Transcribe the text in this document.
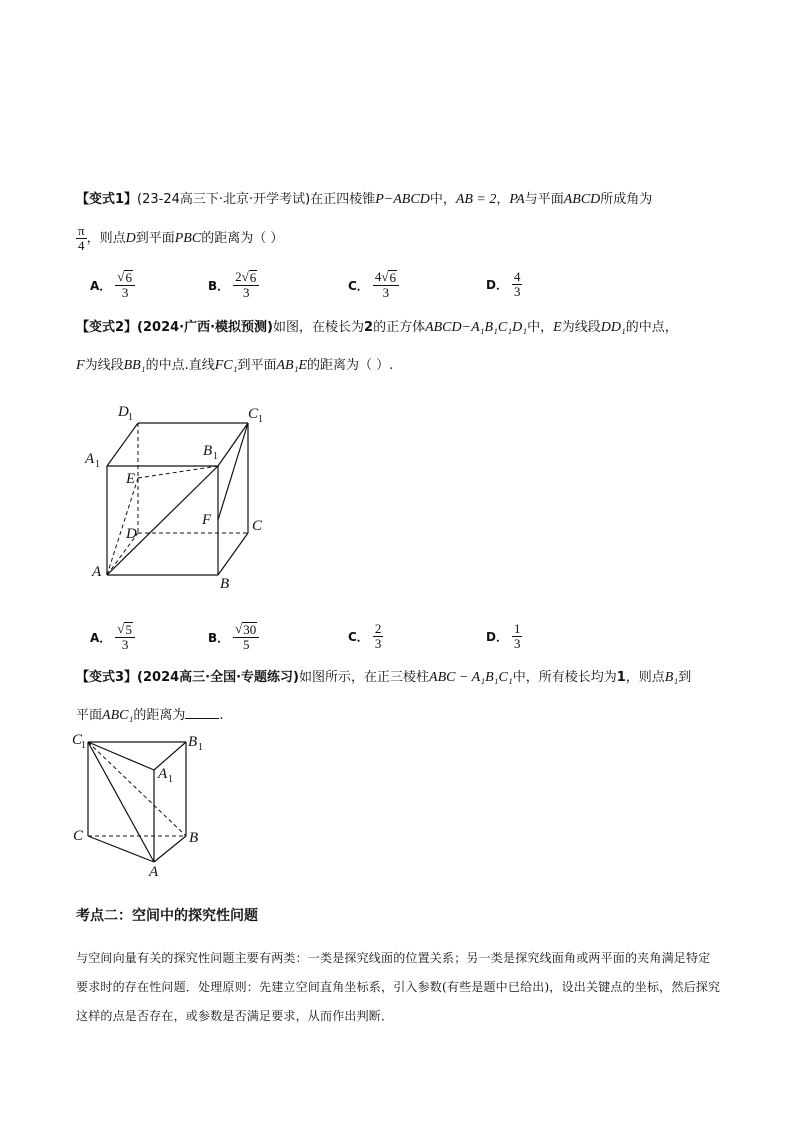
【变式1】(23-24高三下·北京·开学考试)在正四棱锥P−ABCD中，AB = 2，PA与平面ABCD所成角为
$\frac{\pi}{4}$ ，则点D到平面PBC的距离为（ ）
A． $\frac{√ 6}{3}$	B． $\frac{2 √ 6}{3}$	C． $\frac{4 √ 6}{3}$	D． $\frac{4}{3}$
【变式2】(2024·广西·模拟预测)如图，在棱长为2的正方体ABCD−A₁B₁C₁D₁中，E为线段DD₁的中点，
F为线段BB₁的中点.直线FC₁到平面AB₁E的距离为（ ）.
D 1	C 1
A 1
B 1
E
F	C
D
A
B
A． $\frac{√ 5}{3}$	B． $\frac{√ 30}{5}$	C． $\frac{2}{3}$	D． $\frac{1}{3}$
【变式3】(2024高三·全国·专题练习)如图所示，在正三棱柱ABC − A₁B₁C₁中，所有棱长均为1，则点B₁到
平面ABC₁的距离为	.
C
1	B 1
A 1
C	B
A
考点二：空间中的探究性问题
与空间向量有关的探究性问题主要有两类：一类是探究线面的位置关系；另一类是探究线面角或两平面的夹角满足特定要求时的存在性问题．处理原则：先建立空间直角坐标系，引入参数(有些是题中已给出)，设出关键点的坐标，然后探究这样的点是否存在，或参数是否满足要求，从而作出判断．
